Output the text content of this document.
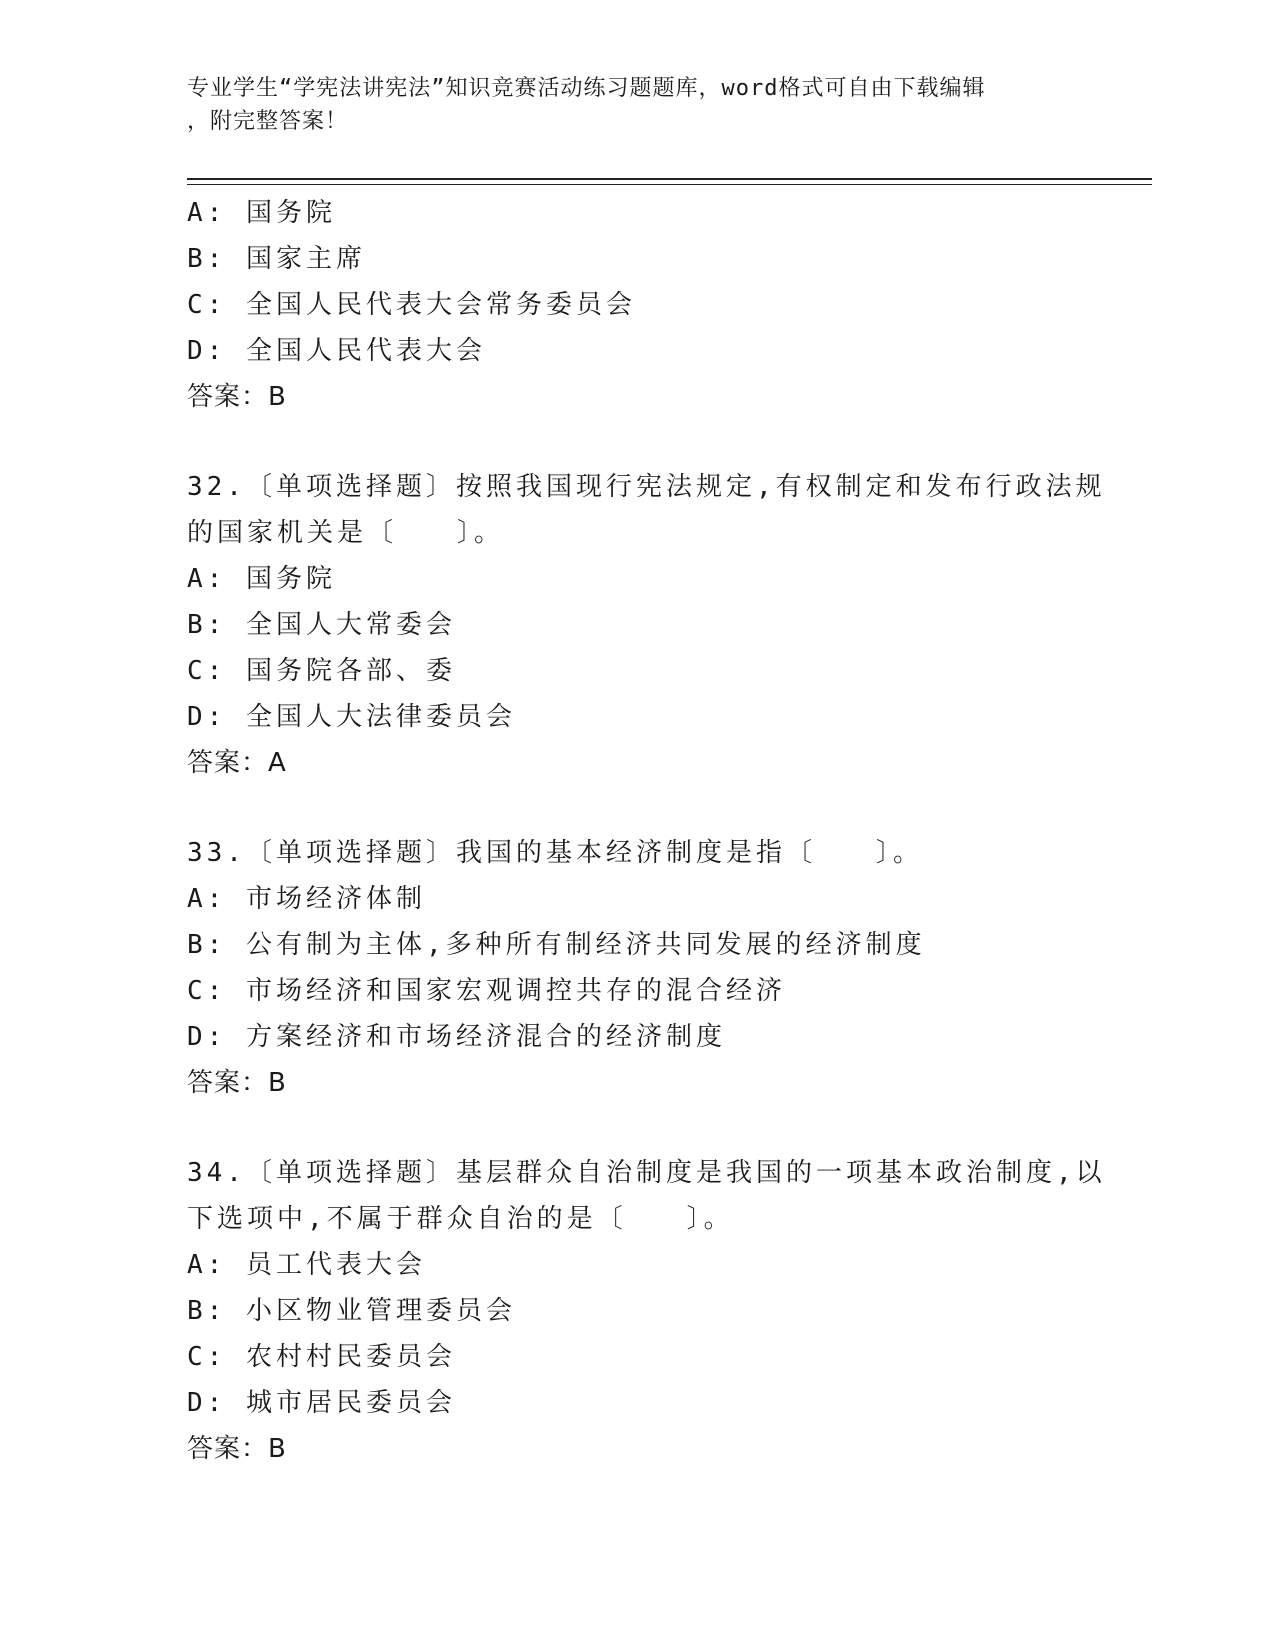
专业学生“学宪法讲宪法”知识竞赛活动练习题题库，word格式可自由下载编辑
，附完整答案！
A: 国务院
B: 国家主席
C: 全国人民代表大会常务委员会
D: 全国人民代表大会
答案：B
32.〔单项选择题〕按照我国现行宪法规定,有权制定和发布行政法规
的国家机关是〔　　〕。
A: 国务院
B: 全国人大常委会
C: 国务院各部、委
D: 全国人大法律委员会
答案：A
33.〔单项选择题〕我国的基本经济制度是指〔　　〕。
A: 市场经济体制
B: 公有制为主体,多种所有制经济共同发展的经济制度
C: 市场经济和国家宏观调控共存的混合经济
D: 方案经济和市场经济混合的经济制度
答案：B
34.〔单项选择题〕基层群众自治制度是我国的一项基本政治制度,以
下选项中,不属于群众自治的是〔　　〕。
A: 员工代表大会
B: 小区物业管理委员会
C: 农村村民委员会
D: 城市居民委员会
答案：B
